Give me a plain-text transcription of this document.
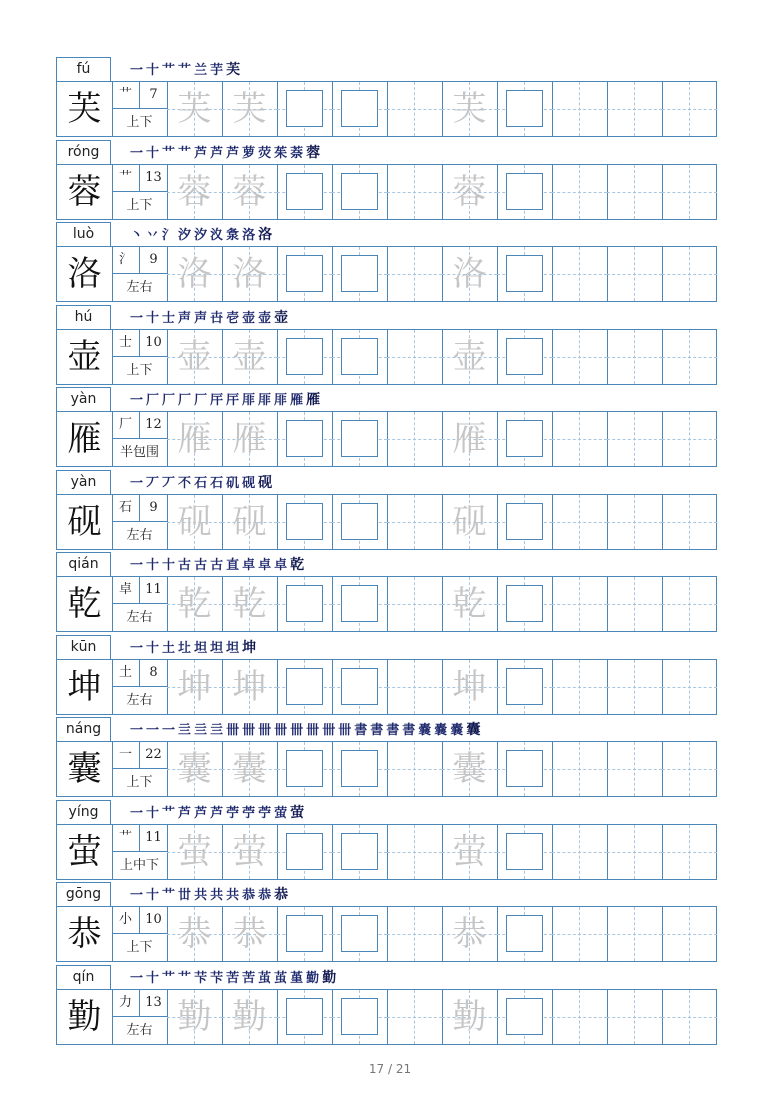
fú	一 十 艹 艹 兰 芋 芙
芙	艹	7
上下 芙 芙	芙
róng	一 十 艹 艹 芦 芦 芦 萝 荧 茱 萘 蓉
蓉	艹	13
上下 蓉 蓉	蓉
luò	丶 丷 氵 汐 汐 汷 洜 洛 洛
洛	氵	9
左右 洛 洛	洛
hú	一 十 士 声 声 卋 壱 壶 壶 壶
壶	士	10
上下 壶 壶	壶
yàn	一 厂 厂 厂 厂 厈 厈 厞 厞 厞 雁 雁
雁	厂	12
半包围 雁 雁	雁
yàn	一 丆 丆 不 石 石 矶 砚 砚
砚	石	9
左右 砚 砚	砚
qián	一 十 十 古 古 古 直 卓 卓 卓 乾
乾	卓	11
左右 乾 乾	乾
kūn	一 十 土 圵 坦 坦 坦 坤
坤	土	8
左右 坤 坤	坤
náng	一 一 一 亖 亖 亖 卌 卌 卌 卌 卌 卌 卌 卌 書 書 書 書 嚢 嚢 嚢 囊
囊	一	22
上下 囊 囊	囊
yíng	一 十 艹 芦 芦 芦 苧 苧 苧 萤 萤
萤	艹	11
上中下 萤 萤	萤
gōng	一 十 艹 丗 共 共 共 恭 恭 恭
恭	小	10
上下 恭 恭	恭
qín	一 十 艹 艹 芐 芐 苦 苦 茧 茧 堇 勤 勤
勤	力	13
左右 勤 勤	勤
17 / 21
